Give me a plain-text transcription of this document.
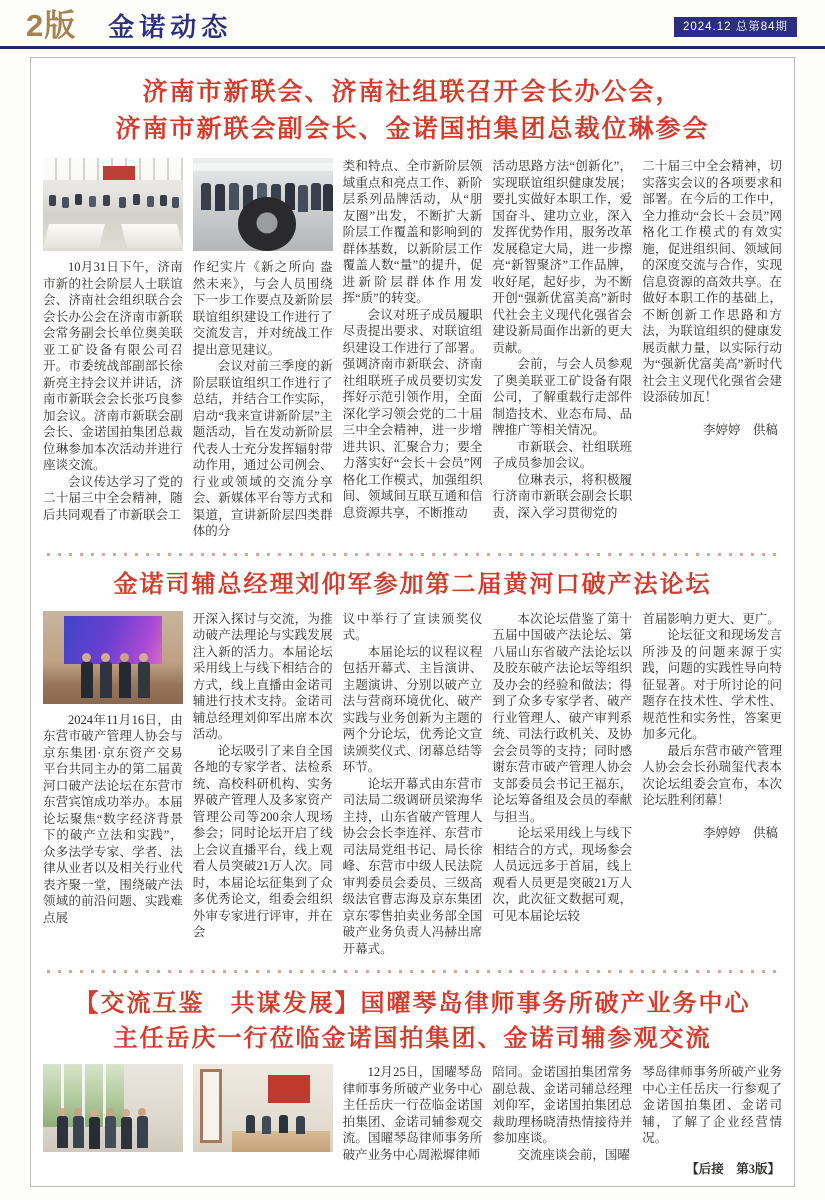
2版 金诺动态	2024.12 总第84期
济南市新联会、济南社组联召开会长办公会，
济南市新联会副会长、金诺国拍集团总裁位琳参会

10月31日下午，济南市新的社会阶层人士联谊会、济南社会组织联合会会长办公会在济南市新联会常务副会长单位奥美联亚工矿设备有限公司召开。市委统战部副部长徐新亮主持会议并讲话，济南市新联会会长张巧良参加会议。济南市新联会副会长、金诺国拍集团总裁位琳参加本次活动并进行座谈交流。

会议传达学习了党的二十届三中全会精神，随后共同观看了市新联会工

作纪实片《新之所向 盎然未来》，与会人员围绕下一步工作要点及新阶层联谊组织建设工作进行了交流发言，并对统战工作提出意见建议。

会议对前三季度的新阶层联谊组织工作进行了总结，并结合工作实际，启动“我来宣讲新阶层”主题活动，旨在发动新阶层代表人士充分发挥辐射带动作用，通过公司例会、行业或领域的交流分享会、新媒体平台等方式和渠道，宣讲新阶层四类群体的分

类和特点、全市新阶层领域重点和亮点工作、新阶层系列品牌活动，从“朋友圈”出发，不断扩大新阶层工作覆盖和影响到的群体基数，以新阶层工作覆盖人数“量”的提升，促进新阶层群体作用发挥“质”的转变。

会议对班子成员履职尽责提出要求、对联谊组织建设工作进行了部署。强调济南市新联会、济南社组联班子成员要切实发挥好示范引领作用，全面深化学习领会党的二十届三中全会精神，进一步增进共识、汇聚合力；要全力落实好“会长＋会员”网格化工作模式，加强组织间、领域间互联互通和信息资源共享，不断推动

活动思路方法“创新化”，实现联谊组织健康发展；要扎实做好本职工作，爱国奋斗、建功立业，深入发挥优势作用，服务改革发展稳定大局，进一步擦亮“新智聚济”工作品牌，收好尾，起好步，为不断开创“强新优富美高”新时代社会主义现代化强省会建设新局面作出新的更大贡献。

会前，与会人员参观了奥美联亚工矿设备有限公司，了解重载行走部件制造技术、业态布局、品牌推广等相关情况。

市新联会、社组联班子成员参加会议。

位琳表示，将积极履行济南市新联会副会长职责，深入学习贯彻党的

二十届三中全会精神，切实落实会议的各项要求和部署。在今后的工作中，全力推动“会长＋会员”网格化工作模式的有效实施，促进组织间、领域间的深度交流与合作，实现信息资源的高效共享。在做好本职工作的基础上，不断创新工作思路和方法，为联谊组织的健康发展贡献力量，以实际行动为“强新优富美高”新时代社会主义现代化强省会建设添砖加瓦！

李婷婷　供稿
金诺司辅总经理刘仰军参加第二届黄河口破产法论坛

2024年11月16日，由东营市破产管理人协会与京东集团·京东资产交易平台共同主办的第二届黄河口破产法论坛在东营市东营宾馆成功举办。本届论坛聚焦“数字经济背景下的破产立法和实践”，众多法学专家、学者、法律从业者以及相关行业代表齐聚一堂，围绕破产法领域的前沿问题、实践难点展

开深入探讨与交流，为推动破产法理论与实践发展注入新的活力。本届论坛采用线上与线下相结合的方式，线上直播由金诺司辅进行技术支持。金诺司辅总经理刘仰军出席本次活动。

论坛吸引了来自全国各地的专家学者、法检系统、高校科研机构、实务界破产管理人及多家资产管理公司等200余人现场参会；同时论坛开启了线上会议直播平台，线上观看人员突破21万人次。同时，本届论坛征集到了众多优秀论文，组委会组织外审专家进行评审，并在会

议中举行了宣读颁奖仪式。

本届论坛的议程议程包括开幕式、主旨演讲、主题演讲、分别以破产立法与营商环境优化、破产实践与业务创新为主题的两个分论坛，优秀论文宣读颁奖仪式、闭幕总结等环节。

论坛开幕式由东营市司法局二级调研员梁海华主持，山东省破产管理人协会会长李连祥、东营市司法局党组书记、局长徐峰、东营市中级人民法院审判委员会委员、三级高级法官曹志海及京东集团京东零售拍卖业务部全国破产业务负责人冯赫出席开幕式。

本次论坛借鉴了第十五届中国破产法论坛、第八届山东省破产法论坛以及胶东破产法论坛等组织及办会的经验和做法；得到了众多专家学者、破产行业管理人、破产审判系统、司法行政机关、及协会会员等的支持；同时感谢东营市破产管理人协会支部委员会书记王福东，论坛筹备组及会员的奉献与担当。

论坛采用线上与线下相结合的方式，现场参会人员远远多于首届，线上观看人员更是突破21万人次，此次征文数据可观，可见本届论坛较

首届影响力更大、更广。

论坛征文和现场发言所涉及的问题来源于实践，问题的实践性导向特征显著。对于所讨论的问题存在技术性、学术性、规范性和实务性，答案更加多元化。

最后东营市破产管理人协会会长孙瑞玺代表本次论坛组委会宣布，本次论坛胜利闭幕！

李婷婷　供稿
【交流互鉴　共谋发展】国曜琴岛律师事务所破产业务中心
主任岳庆一行莅临金诺国拍集团、金诺司辅参观交流

12月25日，国曜琴岛律师事务所破产业务中心主任岳庆一行莅临金诺国拍集团、金诺司辅参观交流。国曜琴岛律师事务所破产业务中心周淞墀律师

陪同。金诺国拍集团常务副总裁、金诺司辅总经理刘仰军，金诺国拍集团总裁助理杨晓清热情接待并参加座谈。

交流座谈会前，国曜

琴岛律师事务所破产业务中心主任岳庆一行参观了金诺国拍集团、金诺司辅，了解了企业经营情况。

【后接　第3版】
